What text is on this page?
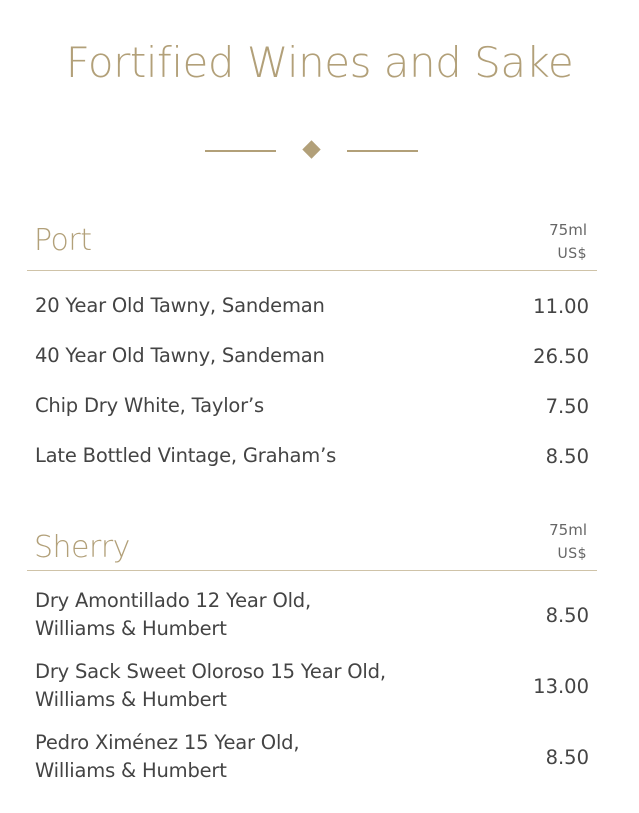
Fortified Wines and Sake
Port	75ml
US$
20 Year Old Tawny, Sandeman	11.00
40 Year Old Tawny, Sandeman	26.50
Chip Dry White, Taylor’s	7.50
Late Bottled Vintage, Graham’s	8.50
Sherry	75ml
US$
Dry Amontillado 12 Year Old,
Williams & Humbert
8.50
Dry Sack Sweet Oloroso 15 Year Old,
Williams & Humbert
13.00
Pedro Ximénez 15 Year Old,
Williams & Humbert
8.50
